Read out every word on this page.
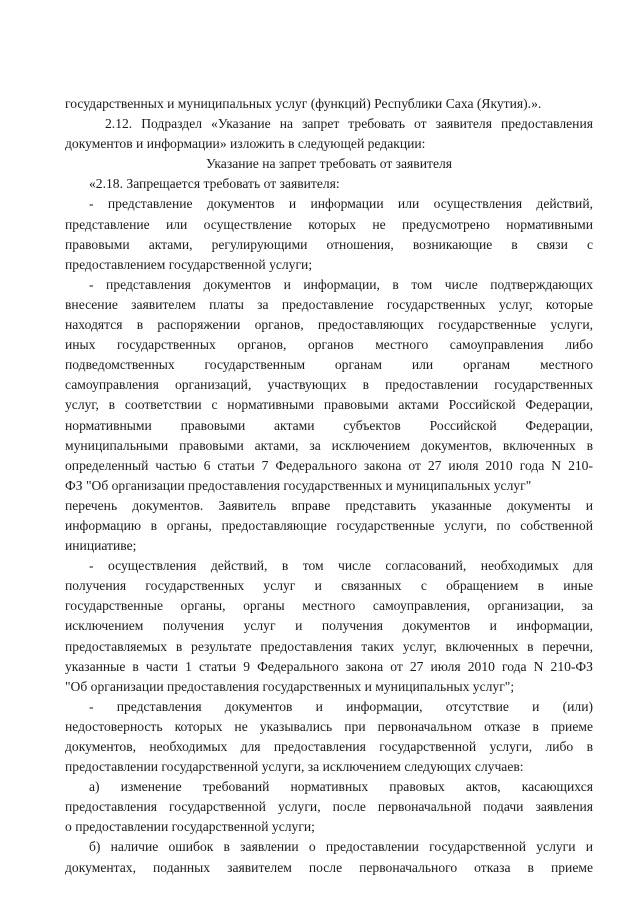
государственных и муниципальных услуг (функций) Республики Саха (Якутия).».
2.12. Подраздел «Указание на запрет требовать от заявителя предоставления
документов и информации» изложить в следующей редакции:
Указание на запрет требовать от заявителя
«2.18. Запрещается требовать от заявителя:
- представление документов и информации или осуществления действий,
представление или осуществление которых не предусмотрено нормативными
правовыми актами, регулирующими отношения, возникающие в связи с
предоставлением государственной услуги;
- представления документов и информации, в том числе подтверждающих
внесение заявителем платы за предоставление государственных услуг, которые
находятся в распоряжении органов, предоставляющих государственные услуги,
иных государственных органов, органов местного самоуправления либо
подведомственных государственным органам или органам местного
самоуправления организаций, участвующих в предоставлении государственных
услуг, в соответствии с нормативными правовыми актами Российской Федерации,
нормативными правовыми актами субъектов Российской Федерации,
муниципальными правовыми актами, за исключением документов, включенных в
определенный частью 6 статьи 7 Федерального закона от 27 июля 2010 года N 210-
ФЗ "Об организации предоставления государственных и муниципальных услуг"
перечень документов. Заявитель вправе представить указанные документы и
информацию в органы, предоставляющие государственные услуги, по собственной
инициативе;
- осуществления действий, в том числе согласований, необходимых для
получения государственных услуг и связанных с обращением в иные
государственные органы, органы местного самоуправления, организации, за
исключением получения услуг и получения документов и информации,
предоставляемых в результате предоставления таких услуг, включенных в перечни,
указанные в части 1 статьи 9 Федерального закона от 27 июля 2010 года N 210-ФЗ
"Об организации предоставления государственных и муниципальных услуг";
- представления документов и информации, отсутствие и (или)
недостоверность которых не указывались при первоначальном отказе в приеме
документов, необходимых для предоставления государственной услуги, либо в
предоставлении государственной услуги, за исключением следующих случаев:
а) изменение требований нормативных правовых актов, касающихся
предоставления государственной услуги, после первоначальной подачи заявления
о предоставлении государственной услуги;
б) наличие ошибок в заявлении о предоставлении государственной услуги и
документах, поданных заявителем после первоначального отказа в приеме
